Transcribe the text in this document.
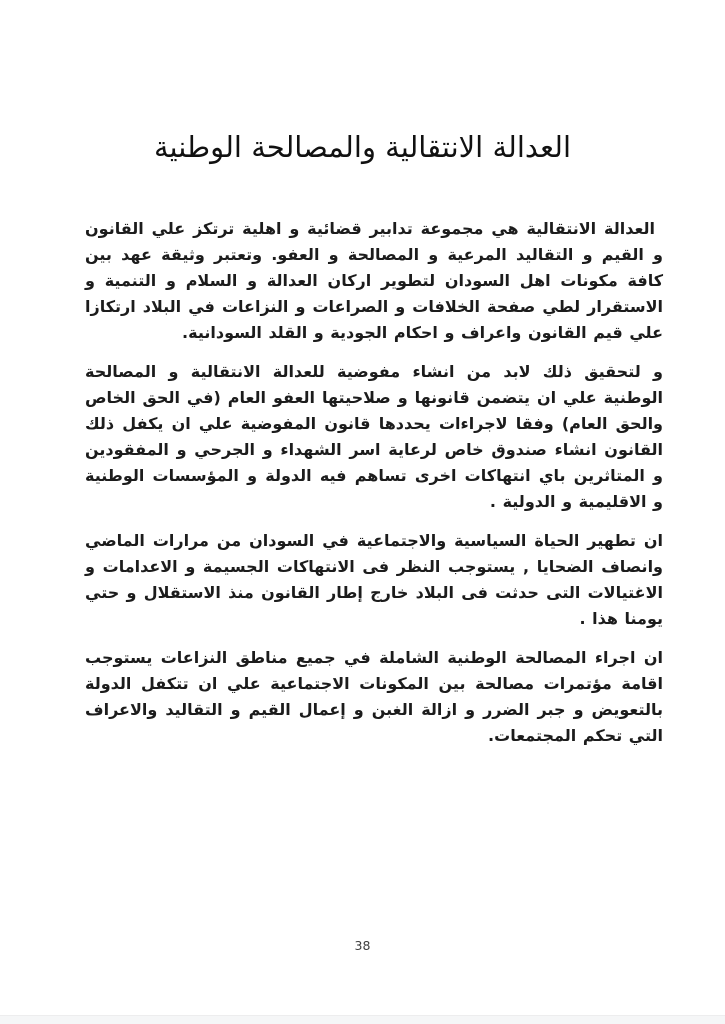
العدالة الانتقالية والمصالحة الوطنية

العدالة الانتقالية هي مجموعة تدابير قضائية و اهلية ترتكز علي القانون و القيم و التقاليد المرعية و المصالحة و العفو. وتعتبر وثيقة عهد بين كافة مكونات اهل السودان لتطوير اركان العدالة و السلام و التنمية و الاستقرار لطي صفحة الخلافات و الصراعات و النزاعات في البلاد ارتكازا علي قيم القانون واعراف و احكام الجودية و القلد السودانية.

و لتحقيق ذلك لابد من انشاء مفوضية للعدالة الانتقالية و المصالحة الوطنية علي ان يتضمن قانونها و صلاحيتها العفو العام (في الحق الخاص والحق العام) وفقا لاجراءات يحددها قانون المفوضية علي ان يكفل ذلك القانون انشاء صندوق خاص لرعاية اسر الشهداء و الجرحي و المفقودين و المتاثرين باي انتهاكات اخرى تساهم فيه الدولة و المؤسسات الوطنية و الاقليمية و الدولية .

ان تطهير الحياة السياسية والاجتماعية في السودان من مرارات الماضي وانصاف الضحايا , يستوجب النظر فى الانتهاكات الجسيمة و الاعدامات و الاغتيالات التى حدثت فى البلاد خارج إطار القانون منذ الاستقلال و حتي يومنا هذا .

ان اجراء المصالحة الوطنية الشاملة في جميع مناطق النزاعات يستوجب اقامة مؤتمرات مصالحة بين المكونات الاجتماعية علي ان تتكفل الدولة بالتعويض و جبر الضرر و ازالة الغبن و إعمال القيم و التقاليد والاعراف التي تحكم المجتمعات.

38
